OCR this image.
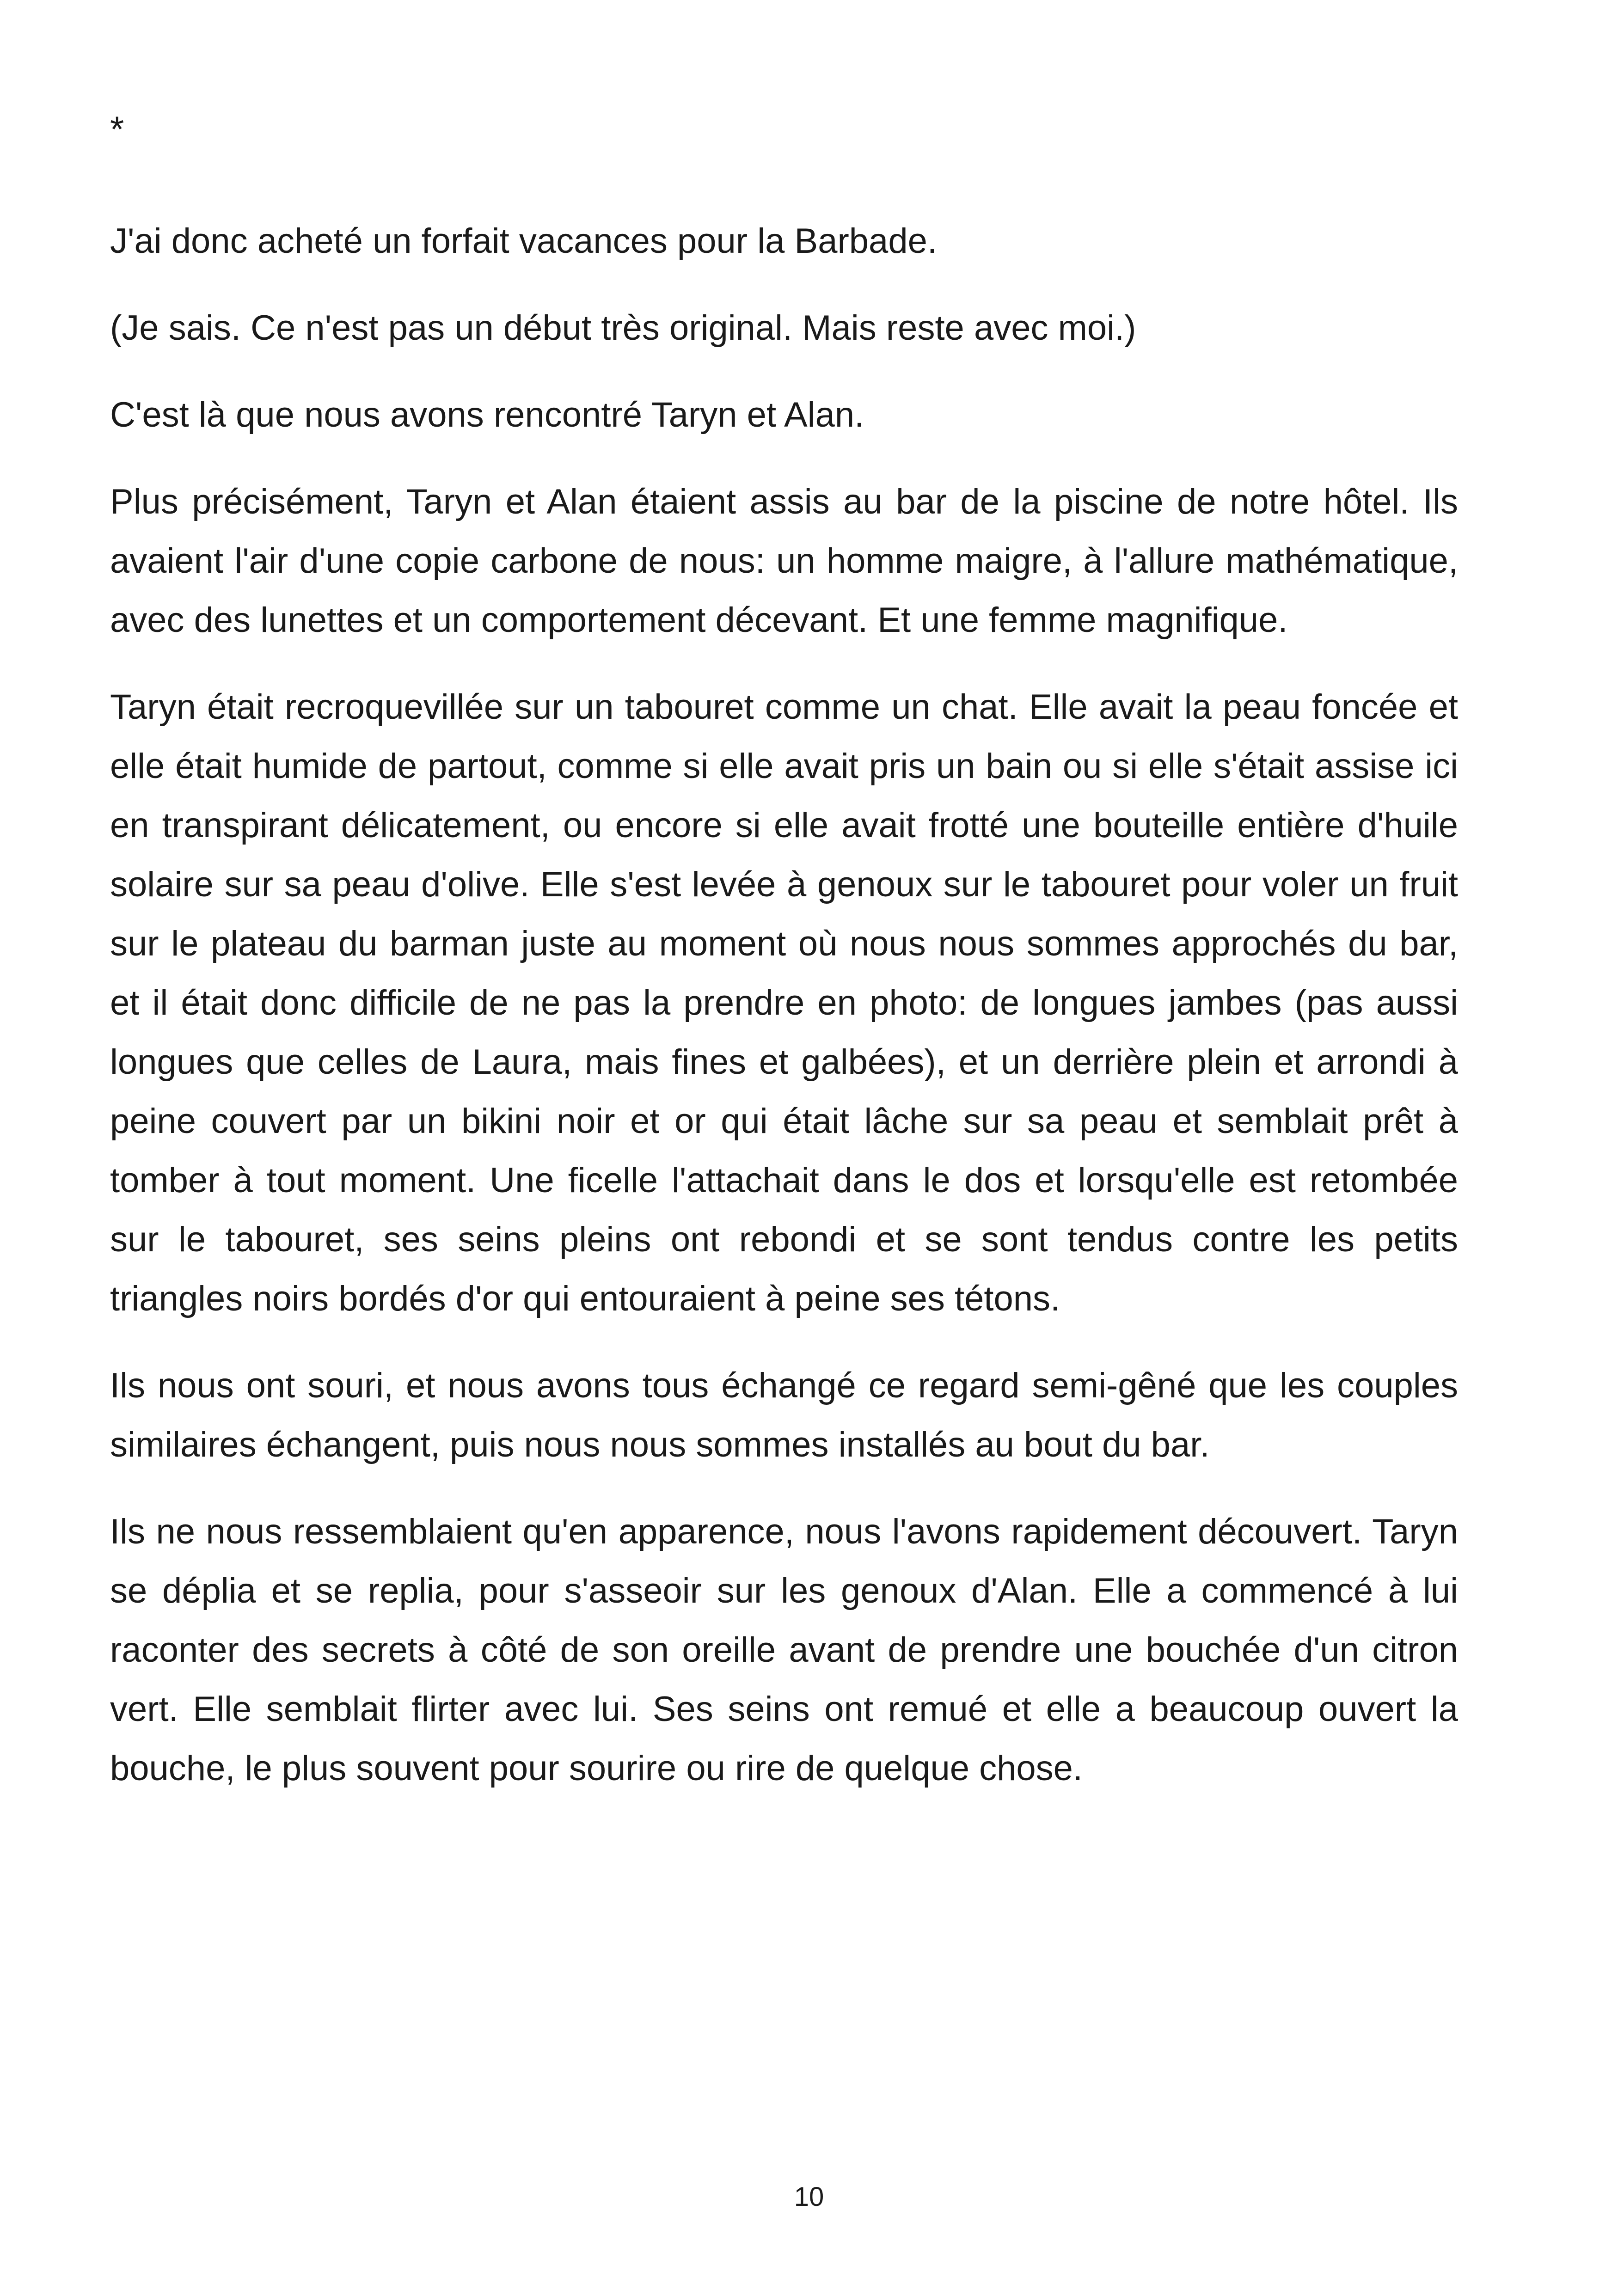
*

J'ai donc acheté un forfait vacances pour la Barbade.

(Je sais. Ce n'est pas un début très original. Mais reste avec moi.)

C'est là que nous avons rencontré Taryn et Alan.

Plus précisément, Taryn et Alan étaient assis au bar de la piscine de notre hôtel. Ils avaient l'air d'une copie carbone de nous: un homme maigre, à l'allure mathématique, avec des lunettes et un comportement décevant. Et une femme magnifique.

Taryn était recroquevillée sur un tabouret comme un chat. Elle avait la peau foncée et elle était humide de partout, comme si elle avait pris un bain ou si elle s'était assise ici en transpirant délicatement, ou encore si elle avait frotté une bouteille entière d'huile solaire sur sa peau d'olive. Elle s'est levée à genoux sur le tabouret pour voler un fruit sur le plateau du barman juste au moment où nous nous sommes approchés du bar, et il était donc difficile de ne pas la prendre en photo: de longues jambes (pas aussi longues que celles de Laura, mais fines et galbées), et un derrière plein et arrondi à peine couvert par un bikini noir et or qui était lâche sur sa peau et semblait prêt à tomber à tout moment. Une ficelle l'attachait dans le dos et lorsqu'elle est retombée sur le tabouret, ses seins pleins ont rebondi et se sont tendus contre les petits triangles noirs bordés d'or qui entouraient à peine ses tétons.

Ils nous ont souri, et nous avons tous échangé ce regard semi-gêné que les couples similaires échangent, puis nous nous sommes installés au bout du bar.

Ils ne nous ressemblaient qu'en apparence, nous l'avons rapidement découvert. Taryn se déplia et se replia, pour s'asseoir sur les genoux d'Alan. Elle a commencé à lui raconter des secrets à côté de son oreille avant de prendre une bouchée d'un citron vert. Elle semblait flirter avec lui. Ses seins ont remué et elle a beaucoup ouvert la bouche, le plus souvent pour sourire ou rire de quelque chose.

10
